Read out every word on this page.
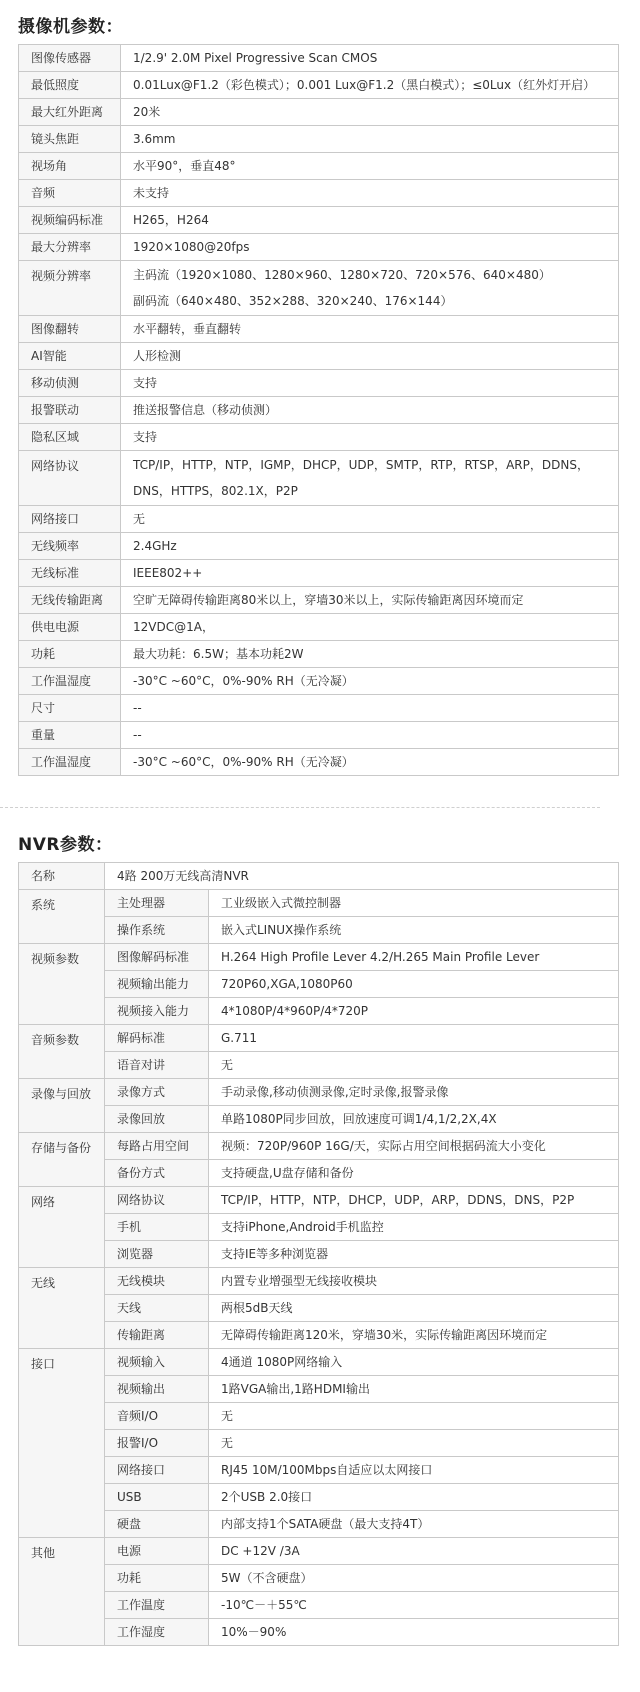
摄像机参数：
图像传感器	1/2.9' 2.0M Pixel Progressive Scan CMOS
最低照度	0.01Lux@F1.2（彩色模式）；0.001 Lux@F1.2（黑白模式）；≤0Lux（红外灯开启）
最大红外距离	20米
镜头焦距	3.6mm
视场角	水平90°，垂直48°
音频	未支持
视频编码标准	H265，H264
最大分辨率	1920×1080@20fps
视频分辨率	主码流（1920×1080、1280×960、1280×720、720×576、640×480）
副码流（640×480、352×288、320×240、176×144）

图像翻转	水平翻转，垂直翻转
AI智能	人形检测
移动侦测	支持
报警联动	推送报警信息（移动侦测）
隐私区域	支持
网络协议	TCP/IP，HTTP，NTP，IGMP，DHCP，UDP，SMTP，RTP，RTSP，ARP，DDNS，
DNS，HTTPS，802.1X，P2P

网络接口	无
无线频率	2.4GHz
无线标准	IEEE802++
无线传输距离	空旷无障碍传输距离80米以上，穿墙30米以上，实际传输距离因环境而定
供电电源	12VDC@1A，
功耗	最大功耗：6.5W；基本功耗2W
工作温湿度	-30°C ~60°C，0%-90% RH（无冷凝）
尺寸	--
重量	--
工作温湿度	-30°C ~60°C，0%-90% RH（无冷凝）
NVR参数：
名称	4路 200万无线高清NVR	
系统	主处理器	工业级嵌入式微控制器
	操作系统	嵌入式LINUX操作系统
视频参数	图像解码标准	H.264 High Profile Lever 4.2/H.265 Main Profile Lever
	视频输出能力	720P60,XGA,1080P60
	视频接入能力	4*1080P/4*960P/4*720P
音频参数	解码标准	G.711
	语音对讲	无
录像与回放	录像方式	手动录像,移动侦测录像,定时录像,报警录像
	录像回放	单路1080P同步回放，回放速度可调1/4,1/2,2X,4X
存储与备份	每路占用空间	视频：720P/960P 16G/天，实际占用空间根据码流大小变化
	备份方式	支持硬盘,U盘存储和备份
网络	网络协议	TCP/IP，HTTP，NTP，DHCP，UDP，ARP，DDNS，DNS，P2P
	手机	支持iPhone,Android手机监控
	浏览器	支持IE等多种浏览器
无线	无线模块	内置专业增强型无线接收模块
	天线	两根5dB天线
	传输距离	无障碍传输距离120米，穿墙30米，实际传输距离因环境而定
接口	视频输入	4通道 1080P网络输入
	视频输出	1路VGA输出,1路HDMI输出
	音频I/O	无
	报警I/O	无
	网络接口	RJ45 10M/100Mbps自适应以太网接口
	USB	2个USB 2.0接口
	硬盘	内部支持1个SATA硬盘（最大支持4T）
其他	电源	DC +12V /3A
	功耗	5W（不含硬盘）
	工作温度	-10℃－＋55℃
	工作湿度	10%－90%
